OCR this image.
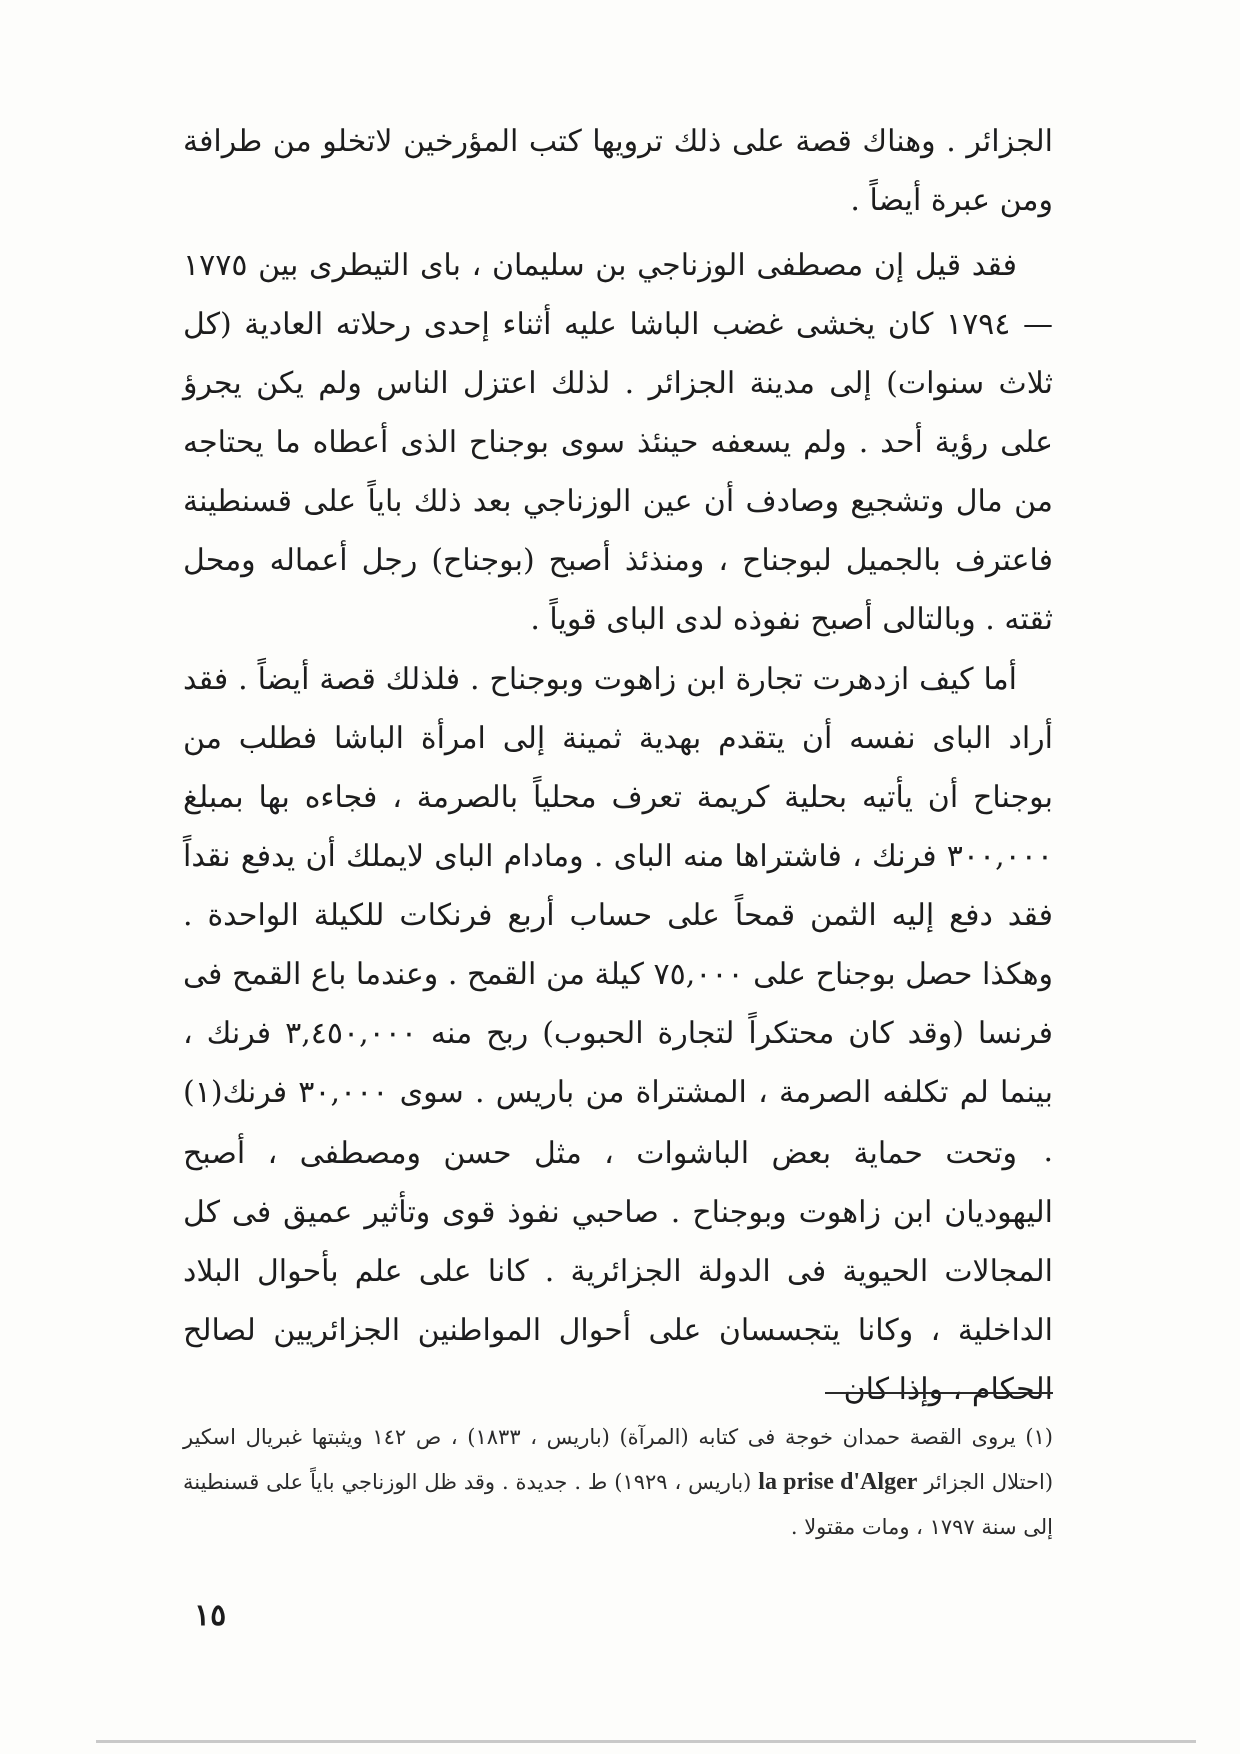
الجزائر . وهناك قصة على ذلك ترويها كتب المؤرخين لاتخلو من طرافة ومن عبرة أيضاً .

فقد قيل إن مصطفى الوزناجي بن سليمان ، باى التيطرى بين ١٧٧٥ — ١٧٩٤ كان يخشى غضب الباشا عليه أثناء إحدى رحلاته العادية (كل ثلاث سنوات) إلى مدينة الجزائر . لذلك اعتزل الناس ولم يكن يجرؤ على رؤية أحد . ولم يسعفه حينئذ سوى بوجناح الذى أعطاه ما يحتاجه من مال وتشجيع وصادف أن عين الوزناجي بعد ذلك باياً على قسنطينة فاعترف بالجميل لبوجناح ، ومنذئذ أصبح (بوجناح) رجل أعماله ومحل ثقته . وبالتالى أصبح نفوذه لدى الباى قوياً .

أما كيف ازدهرت تجارة ابن زاهوت وبوجناح . فلذلك قصة أيضاً . فقد أراد الباى نفسه أن يتقدم بهدية ثمينة إلى امرأة الباشا فطلب من بوجناح أن يأتيه بحلية كريمة تعرف محلياً بالصرمة ، فجاءه بها بمبلغ ٣٠٠,٠٠٠ فرنك ، فاشتراها منه الباى . ومادام الباى لايملك أن يدفع نقداً فقد دفع إليه الثمن قمحاً على حساب أربع فرنكات للكيلة الواحدة . وهكذا حصل بوجناح على ٧٥,٠٠٠ كيلة من القمح . وعندما باع القمح فى فرنسا (وقد كان محتكراً لتجارة الحبوب) ربح منه ٣,٤٥٠,٠٠٠ فرنك ، بينما لم تكلفه الصرمة ، المشتراة من باريس . سوى ٣٠,٠٠٠ فرنك(١) .

وتحت حماية بعض الباشوات ، مثل حسن ومصطفى ، أصبح اليهوديان ابن زاهوت وبوجناح . صاحبي نفوذ قوى وتأثير عميق فى كل المجالات الحيوية فى الدولة الجزائرية . كانا على علم بأحوال البلاد الداخلية ، وكانا يتجسسان على أحوال المواطنين الجزائريين لصالح الحكام ، وإذا كان

(١) يروى القصة حمدان خوجة فى كتابه (المرآة) (باريس ، ١٨٣٣) ، ص ١٤٢ ويثبتها غبريال اسكير (احتلال الجزائر la prise d'Alger (باريس ، ١٩٢٩) ط . جديدة . وقد ظل الوزناجي باياً على قسنطينة إلى سنة ١٧٩٧ ، ومات مقتولا .

١٥
